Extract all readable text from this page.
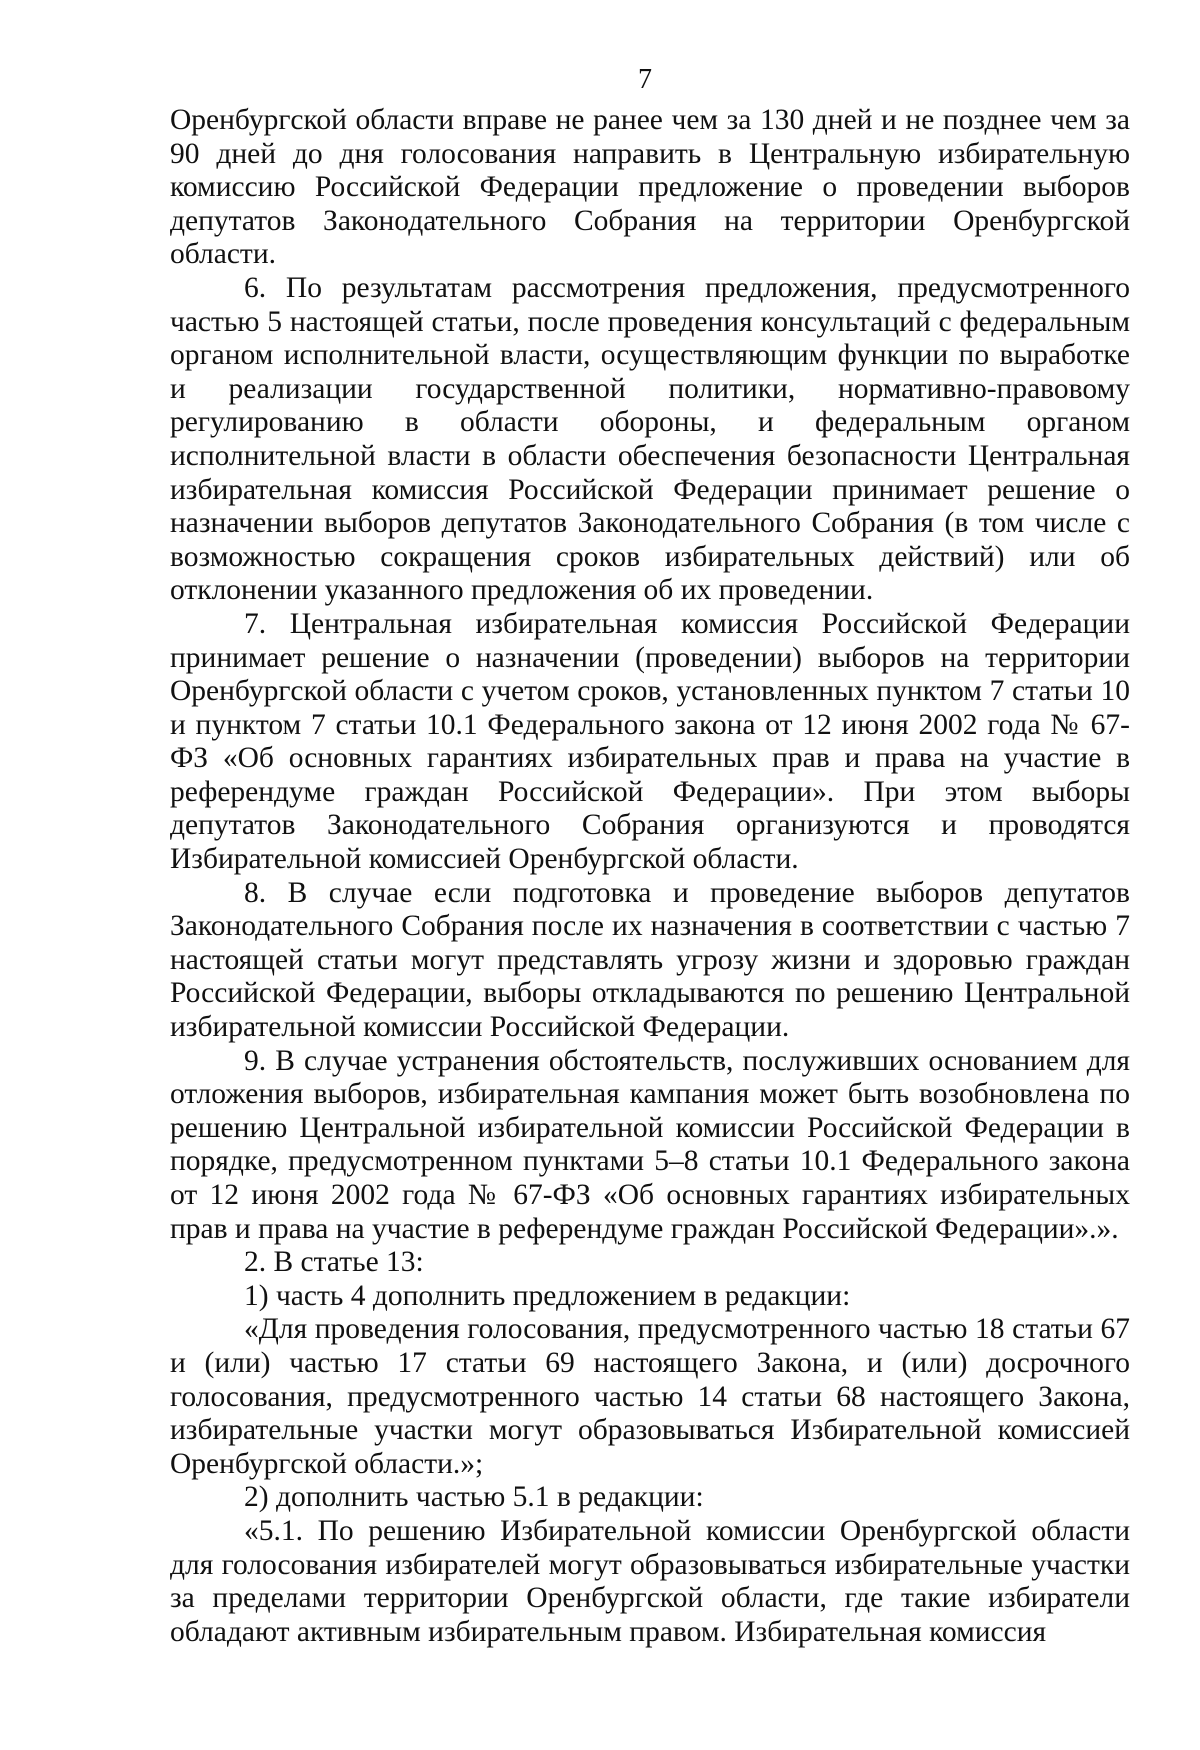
7

Оренбургской области вправе не ранее чем за 130 дней и не позднее чем за 90 дней до дня голосования направить в Центральную избирательную комиссию Российской Федерации предложение о проведении выборов депутатов Законодательного Собрания на территории Оренбургской области.

6. По результатам рассмотрения предложения, предусмотренного частью 5 настоящей статьи, после проведения консультаций с федеральным органом исполнительной власти, осуществляющим функции по выработке и реализации государственной политики, нормативно-правовому регулированию в области обороны, и федеральным органом исполнительной власти в области обеспечения безопасности Центральная избирательная комиссия Российской Федерации принимает решение о назначении выборов депутатов Законодательного Собрания (в том числе с возможностью сокращения сроков избирательных действий) или об отклонении указанного предложения об их проведении.

7. Центральная избирательная комиссия Российской Федерации принимает решение о назначении (проведении) выборов на территории Оренбургской области с учетом сроков, установленных пунктом 7 статьи 10 и пунктом 7 статьи 10.1 Федерального закона от 12 июня 2002 года № 67-ФЗ «Об основных гарантиях избирательных прав и права на участие в референдуме граждан Российской Федерации». При этом выборы депутатов Законодательного Собрания организуются и проводятся Избирательной комиссией Оренбургской области.

8. В случае если подготовка и проведение выборов депутатов Законодательного Собрания после их назначения в соответствии с частью 7 настоящей статьи могут представлять угрозу жизни и здоровью граждан Российской Федерации, выборы откладываются по решению Центральной избирательной комиссии Российской Федерации.

9. В случае устранения обстоятельств, послуживших основанием для отложения выборов, избирательная кампания может быть возобновлена по решению Центральной избирательной комиссии Российской Федерации в порядке, предусмотренном пунктами 5–8 статьи 10.1 Федерального закона от 12 июня 2002 года № 67-ФЗ «Об основных гарантиях избирательных прав и права на участие в референдуме граждан Российской Федерации».».

2. В статье 13:

1) часть 4 дополнить предложением в редакции:

«Для проведения голосования, предусмотренного частью 18 статьи 67 и (или) частью 17 статьи 69 настоящего Закона, и (или) досрочного голосования, предусмотренного частью 14 статьи 68 настоящего Закона, избирательные участки могут образовываться Избирательной комиссией Оренбургской области.»;

2) дополнить частью 5.1 в редакции:

«5.1. По решению Избирательной комиссии Оренбургской области для голосования избирателей могут образовываться избирательные участки за пределами территории Оренбургской области, где такие избиратели обладают активным избирательным правом. Избирательная комиссия
